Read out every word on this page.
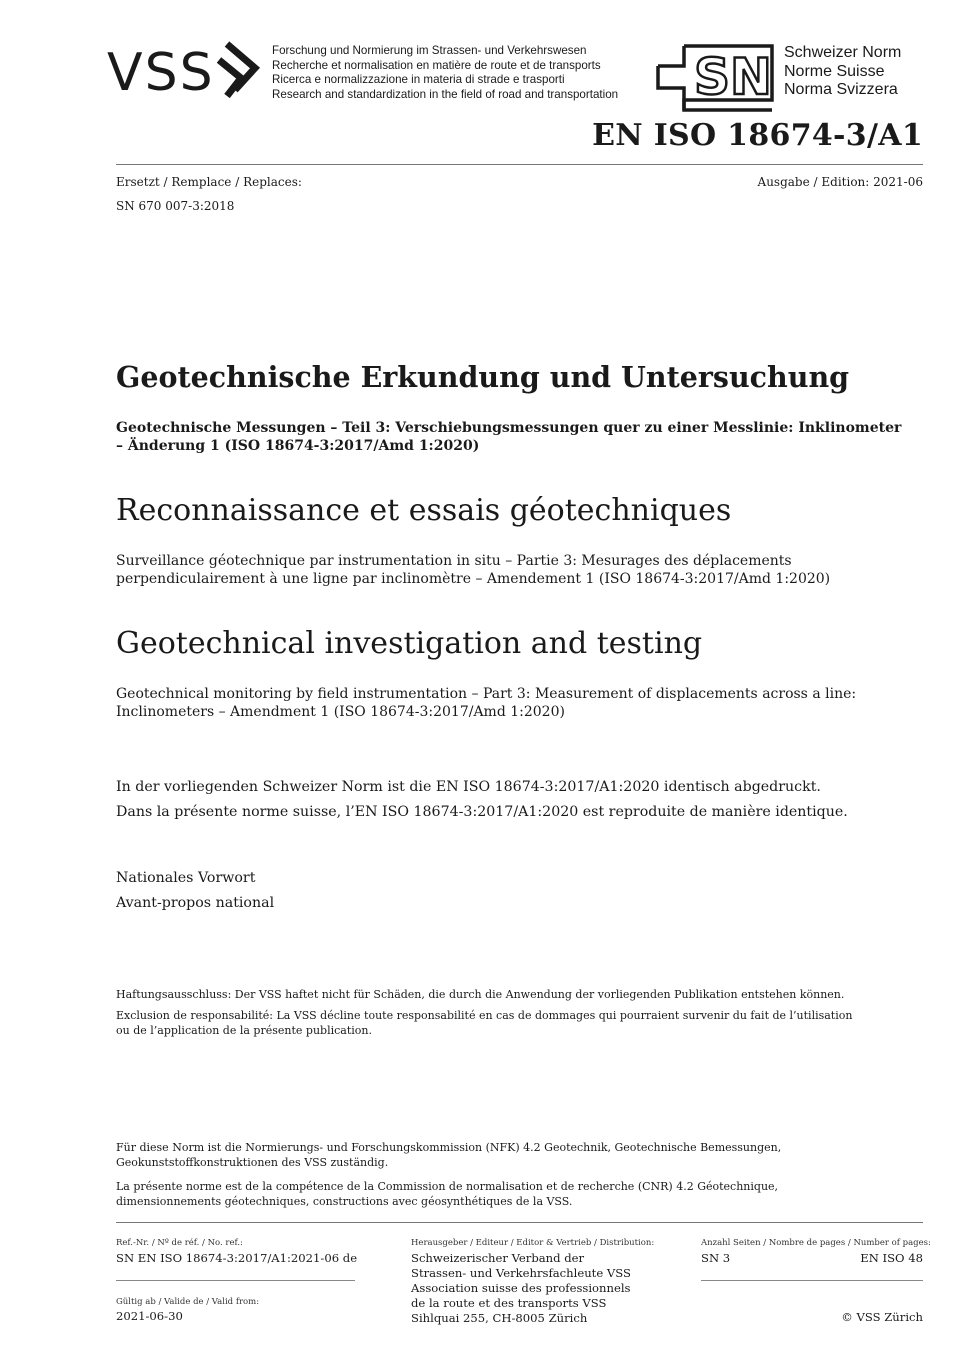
VSS	Forschung und Normierung im Strassen- und Verkehrswesen
Recherche et normalisation en matière de route et de transports
Ricerca e normalizzazione in materia di strade e trasporti
Research and standardization in the field of road and transportation SN Schweizer Norm
Norme Suisse
Norma Svizzera
EN ISO 18674-3/A1
Ersetzt / Remplace / Replaces:
SN 670 007-3:2018
Ausgabe / Edition: 2021-06
Geotechnische Erkundung und Untersuchung
Geotechnische Messungen – Teil 3: Verschiebungsmessungen quer zu einer Messlinie: Inklinometer – Änderung 1 (ISO 18674-3:2017/Amd 1:2020)
Reconnaissance et essais géotechniques
Surveillance géotechnique par instrumentation in situ – Partie 3: Mesurages des déplacements perpendiculairement à une ligne par inclinomètre – Amendement 1 (ISO 18674-3:2017/Amd 1:2020)
Geotechnical investigation and testing
Geotechnical monitoring by field instrumentation – Part 3: Measurement of displacements across a line: Inclinometers – Amendment 1 (ISO 18674-3:2017/Amd 1:2020)
In der vorliegenden Schweizer Norm ist die EN ISO 18674-3:2017/A1:2020 identisch abgedruckt.
Dans la présente norme suisse, l’EN ISO 18674-3:2017/A1:2020 est reproduite de manière identique.
Nationales Vorwort
Avant-propos national
Haftungsausschluss: Der VSS haftet nicht für Schäden, die durch die Anwendung der vorliegenden Publikation entstehen können.
Exclusion de responsabilité: La VSS décline toute responsabilité en cas de dommages qui pourraient survenir du fait de l’utilisation ou de l’application de la présente publication.
Für diese Norm ist die Normierungs- und Forschungskommission (NFK) 4.2 Geotechnik, Geotechnische Bemessungen, Geokunststoffkonstruktionen des VSS zuständig.
La présente norme est de la compétence de la Commission de normalisation et de recherche (CNR) 4.2 Géotechnique, dimensionnements géotechniques, constructions avec géosynthétiques de la VSS.
Ref.-Nr. / Nº de réf. / No. ref.:
SN EN ISO 18674-3:2017/A1:2021-06 de
Gültig ab / Valide de / Valid from:
2021-06-30
Herausgeber / Editeur / Editor & Vertrieb / Distribution:
Schweizerischer Verband der
Strassen- und Verkehrsfachleute VSS
Association suisse des professionnels
de la route et des transports VSS
Sihlquai 255, CH-8005 Zürich
Anzahl Seiten / Nombre de pages / Number of pages:
SN 3	EN ISO 48
© VSS Zürich
